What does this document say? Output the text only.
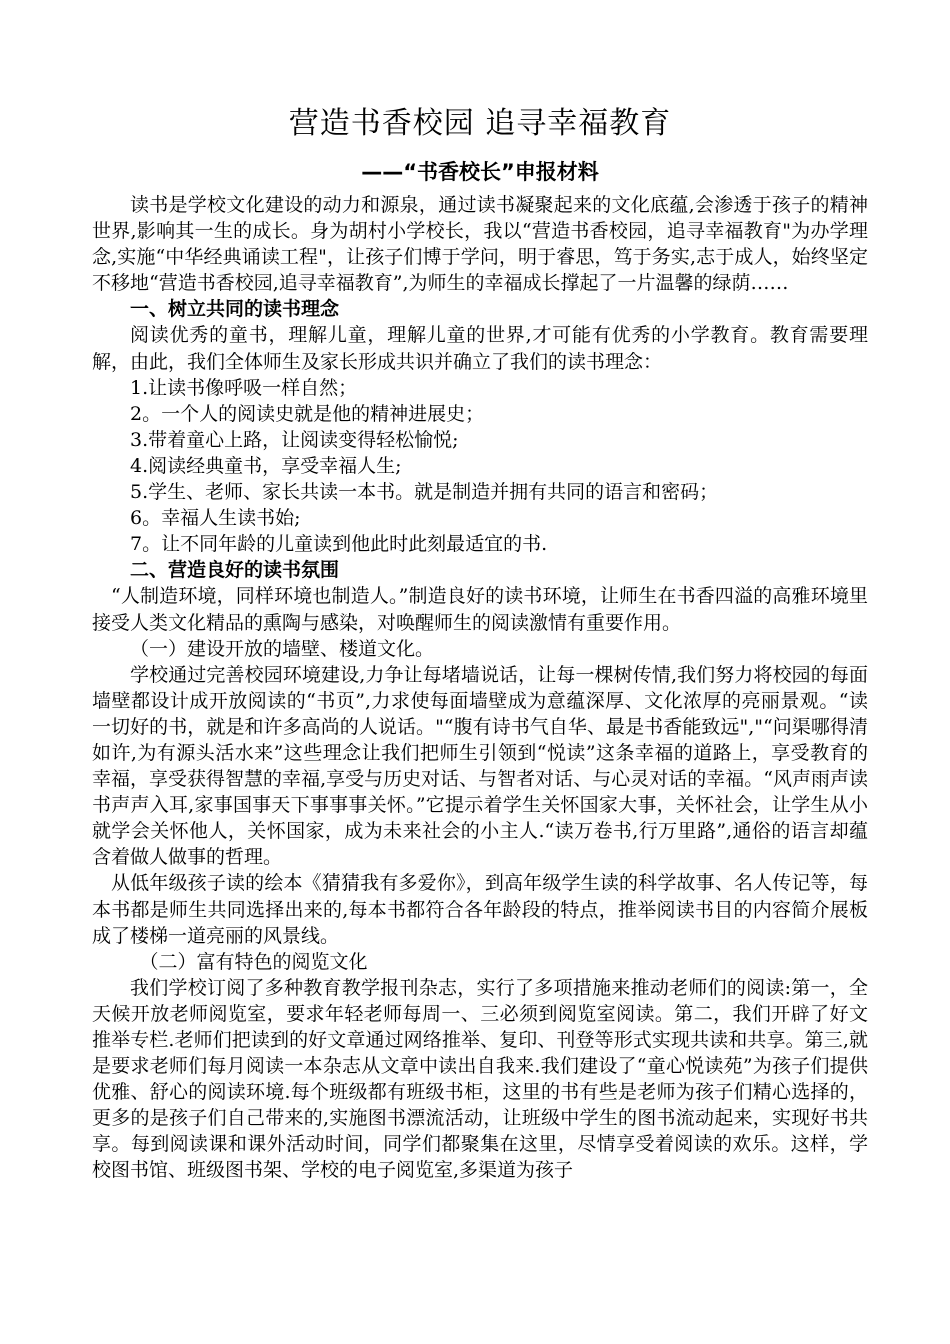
营造书香校园 追寻幸福教育
——“书香校长”申报材料

读书是学校文化建设的动力和源泉，通过读书凝聚起来的文化底蕴,会渗透于孩子的精神世界,影响其一生的成长。身为胡村小学校长，我以“营造书香校园，追寻幸福教育"为办学理念,实施“中华经典诵读工程"，让孩子们博于学问，明于睿思，笃于务实,志于成人，始终坚定不移地“营造书香校园,追寻幸福教育”,为师生的幸福成长撑起了一片温馨的绿荫……

一、树立共同的读书理念

阅读优秀的童书，理解儿童，理解儿童的世界,才可能有优秀的小学教育。教育需要理解，由此，我们全体师生及家长形成共识并确立了我们的读书理念：

1.让读书像呼吸一样自然；

2。一个人的阅读史就是他的精神进展史；

3.带着童心上路，让阅读变得轻松愉悦;

4.阅读经典童书，享受幸福人生;

5.学生、老师、家长共读一本书。就是制造并拥有共同的语言和密码；

6。幸福人生读书始;

7。让不同年龄的儿童读到他此时此刻最适宜的书.

二、营造良好的读书氛围

“人制造环境，同样环境也制造人。”制造良好的读书环境，让师生在书香四溢的高雅环境里接受人类文化精品的熏陶与感染，对唤醒师生的阅读激情有重要作用。

（一）建设开放的墙壁、楼道文化。

学校通过完善校园环境建设,力争让每堵墙说话，让每一棵树传情,我们努力将校园的每面墙壁都设计成开放阅读的“书页”,力求使每面墙壁成为意蕴深厚、文化浓厚的亮丽景观。“读一切好的书，就是和许多高尚的人说话。"“腹有诗书气自华、最是书香能致远","“问渠哪得清如许,为有源头活水来”这些理念让我们把师生引领到“悦读”这条幸福的道路上，享受教育的幸福，享受获得智慧的幸福,享受与历史对话、与智者对话、与心灵对话的幸福。“风声雨声读书声声入耳,家事国事天下事事事关怀。”它提示着学生关怀国家大事，关怀社会，让学生从小就学会关怀他人，关怀国家，成为未来社会的小主人.“读万卷书,行万里路”,通俗的语言却蕴含着做人做事的哲理。

从低年级孩子读的绘本《猜猜我有多爱你》，到高年级学生读的科学故事、名人传记等，每本书都是师生共同选择出来的,每本书都符合各年龄段的特点，推举阅读书目的内容简介展板成了楼梯一道亮丽的风景线。

（二）富有特色的阅览文化

我们学校订阅了多种教育教学报刊杂志，实行了多项措施来推动老师们的阅读:第一，全天候开放老师阅览室，要求年轻老师每周一、三必须到阅览室阅读。第二，我们开辟了好文推举专栏.老师们把读到的好文章通过网络推举、复印、刊登等形式实现共读和共享。第三,就是要求老师们每月阅读一本杂志从文章中读出自我来.我们建设了“童心悦读苑”为孩子们提供优雅、舒心的阅读环境.每个班级都有班级书柜，这里的书有些是老师为孩子们精心选择的，更多的是孩子们自己带来的,实施图书漂流活动，让班级中学生的图书流动起来，实现好书共享。每到阅读课和课外活动时间，同学们都聚集在这里，尽情享受着阅读的欢乐。这样，学校图书馆、班级图书架、学校的电子阅览室,多渠道为孩子
